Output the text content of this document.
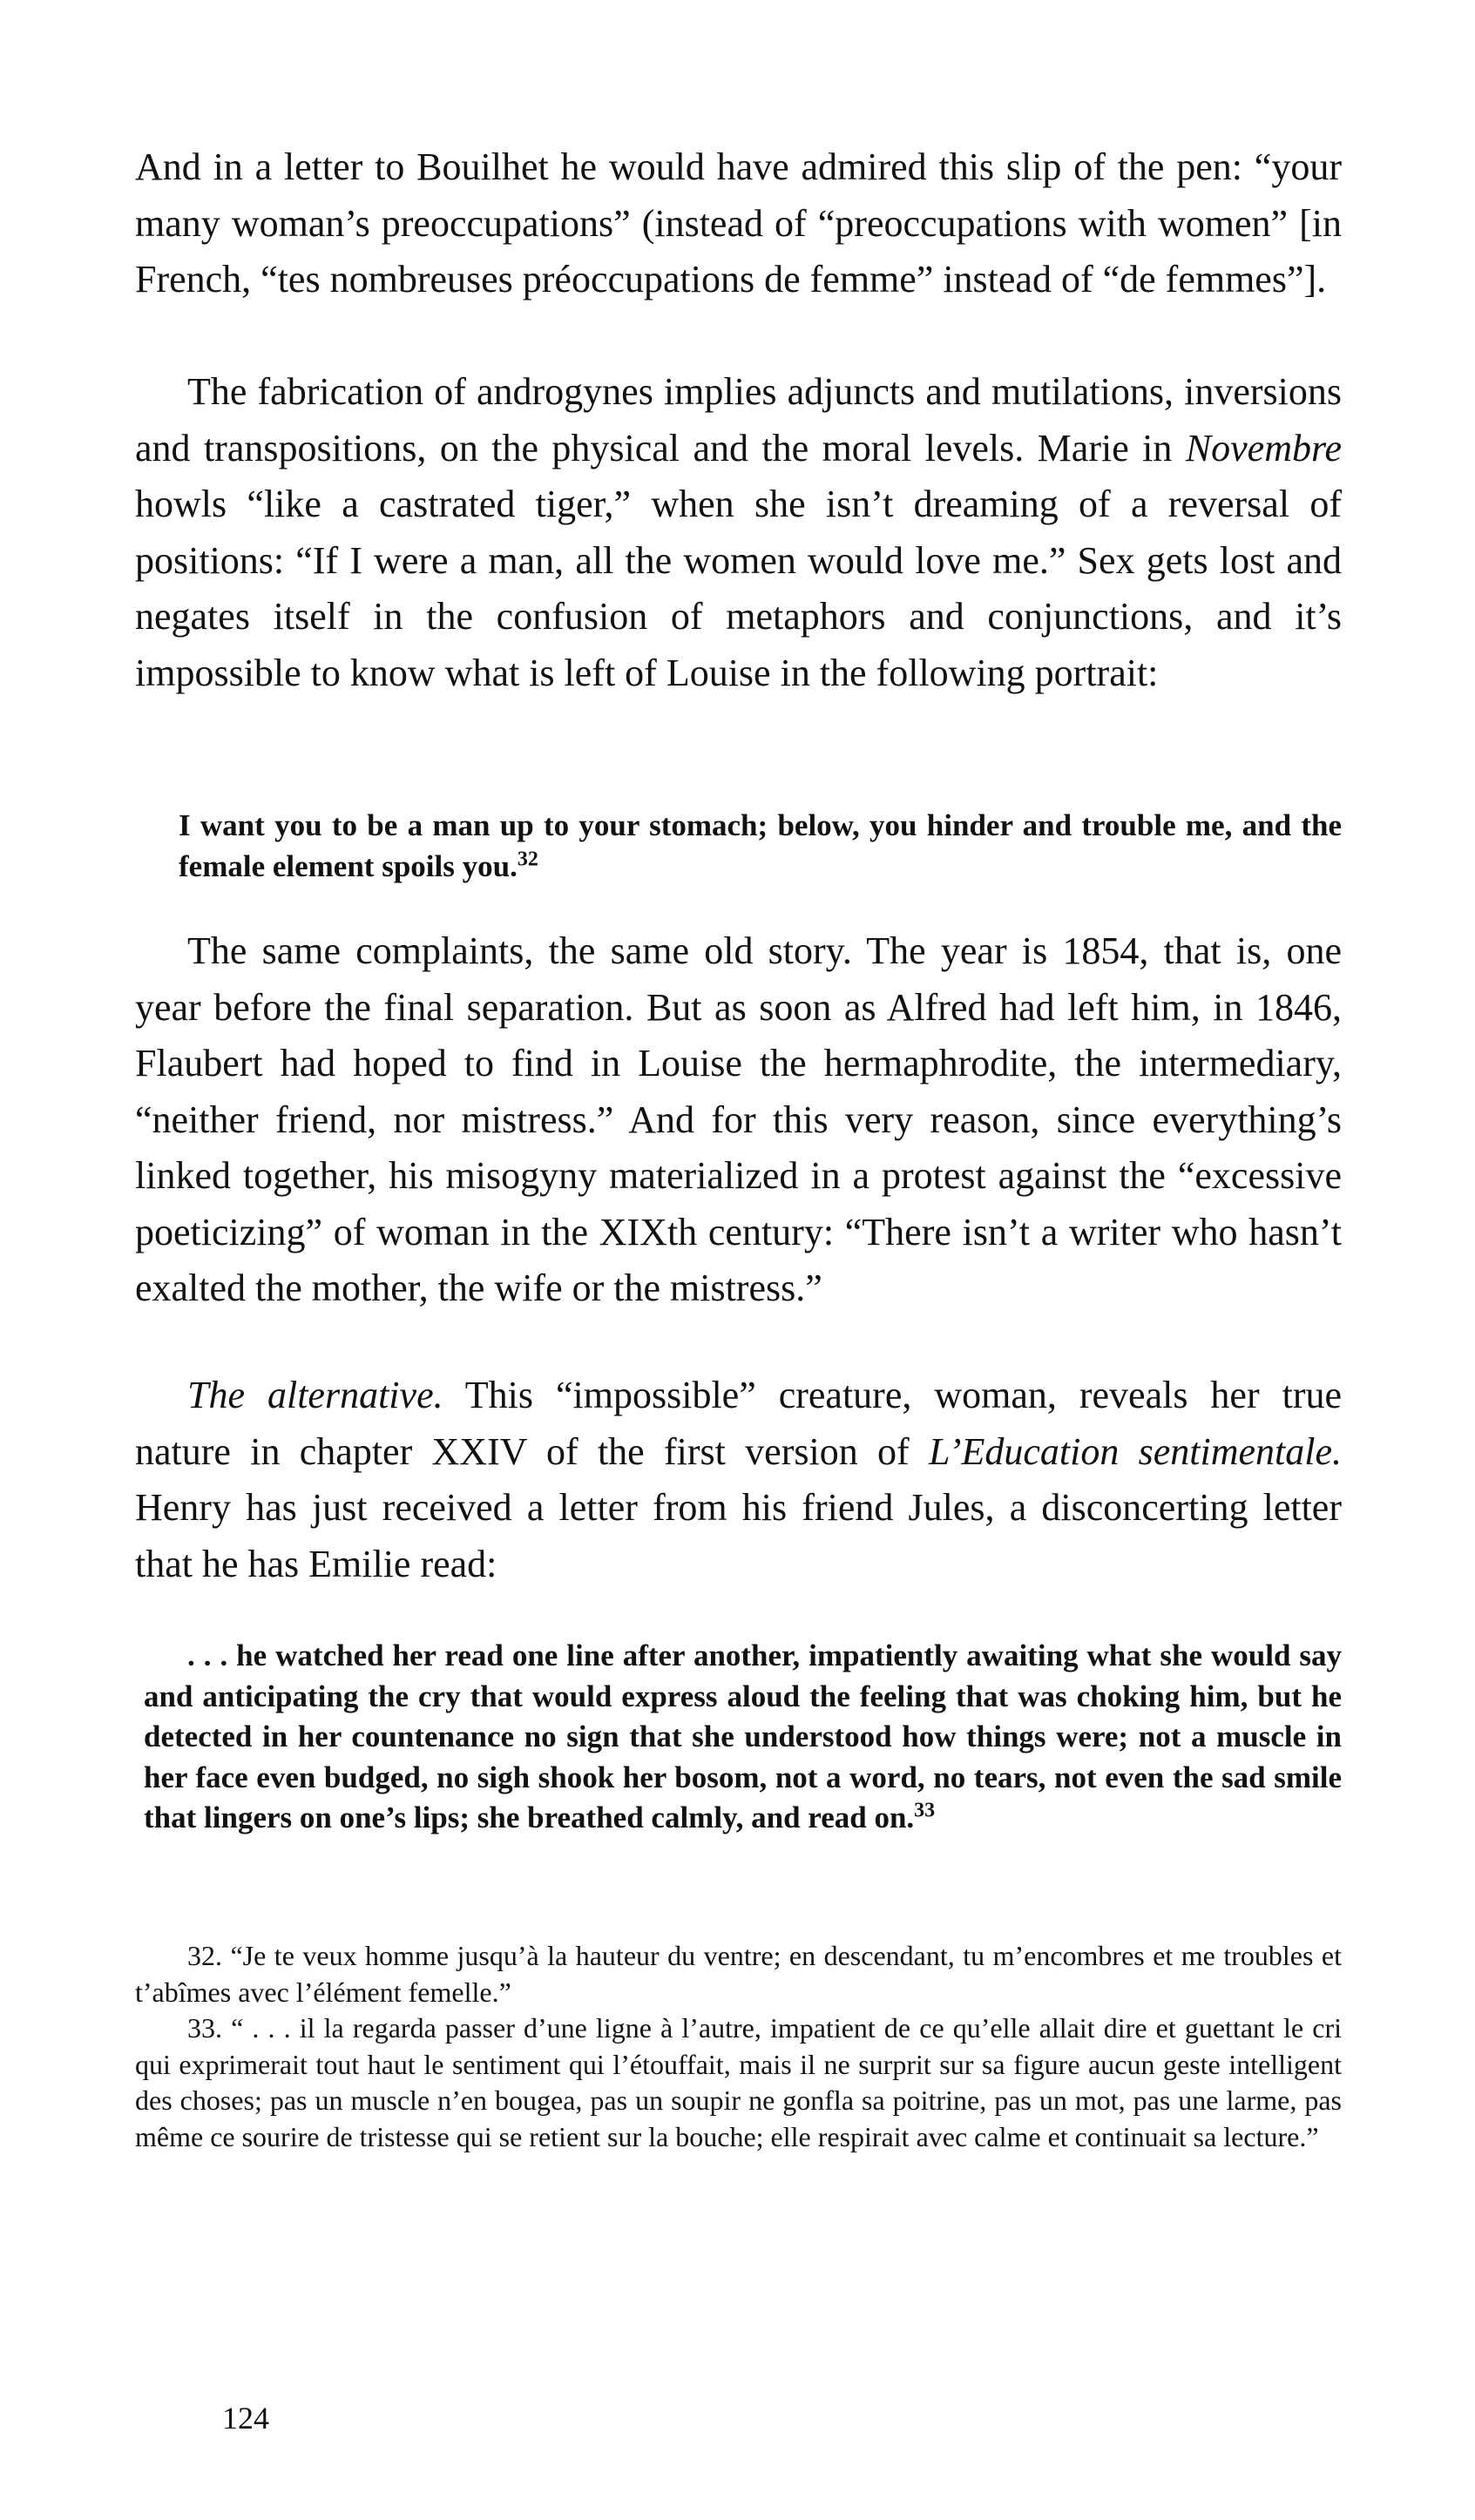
And in a letter to Bouilhet he would have admired this slip of the pen: “your many woman’s preoccupations” (instead of “preoccupations with women” [in French, “tes nombreuses préoccupations de femme” instead of “de femmes”].

The fabrication of androgynes implies adjuncts and mutilations, inversions and transpositions, on the physical and the moral levels. Marie in Novembre howls “like a castrated tiger,” when she isn’t dreaming of a reversal of positions: “If I were a man, all the women would love me.” Sex gets lost and negates itself in the confusion of metaphors and conjunctions, and it’s impossible to know what is left of Louise in the following portrait:

I want you to be a man up to your stomach; below, you hinder and trouble me, and the female element spoils you.$^{32}$

The same complaints, the same old story. The year is 1854, that is, one year before the final separation. But as soon as Alfred had left him, in 1846, Flaubert had hoped to find in Louise the hermaphrodite, the intermediary, “neither friend, nor mistress.” And for this very reason, since everything’s linked together, his misogyny materialized in a protest against the “excessive poeticizing” of woman in the XIXth century: “There isn’t a writer who hasn’t exalted the mother, the wife or the mistress.”

The alternative. This “impossible” creature, woman, reveals her true nature in chapter XXIV of the first version of L’Education sentimentale. Henry has just received a letter from his friend Jules, a disconcerting letter that he has Emilie read:

. . . he watched her read one line after another, impatiently awaiting what she would say and anticipating the cry that would express aloud the feeling that was choking him, but he detected in her countenance no sign that she understood how things were; not a muscle in her face even budged, no sigh shook her bosom, not a word, no tears, not even the sad smile that lingers on one’s lips; she breathed calmly, and read on.$^{33}$

32. “Je te veux homme jusqu’à la hauteur du ventre; en descendant, tu m’encombres et me troubles et t’abîmes avec l’élément femelle.”

33. “ . . . il la regarda passer d’une ligne à l’autre, impatient de ce qu’elle allait dire et guettant le cri qui exprimerait tout haut le sentiment qui l’étouffait, mais il ne surprit sur sa figure aucun geste intelligent des choses; pas un muscle n’en bougea, pas un soupir ne gonfla sa poitrine, pas un mot, pas une larme, pas même ce sourire de tristesse qui se retient sur la bouche; elle respirait avec calme et continuait sa lecture.”

124
